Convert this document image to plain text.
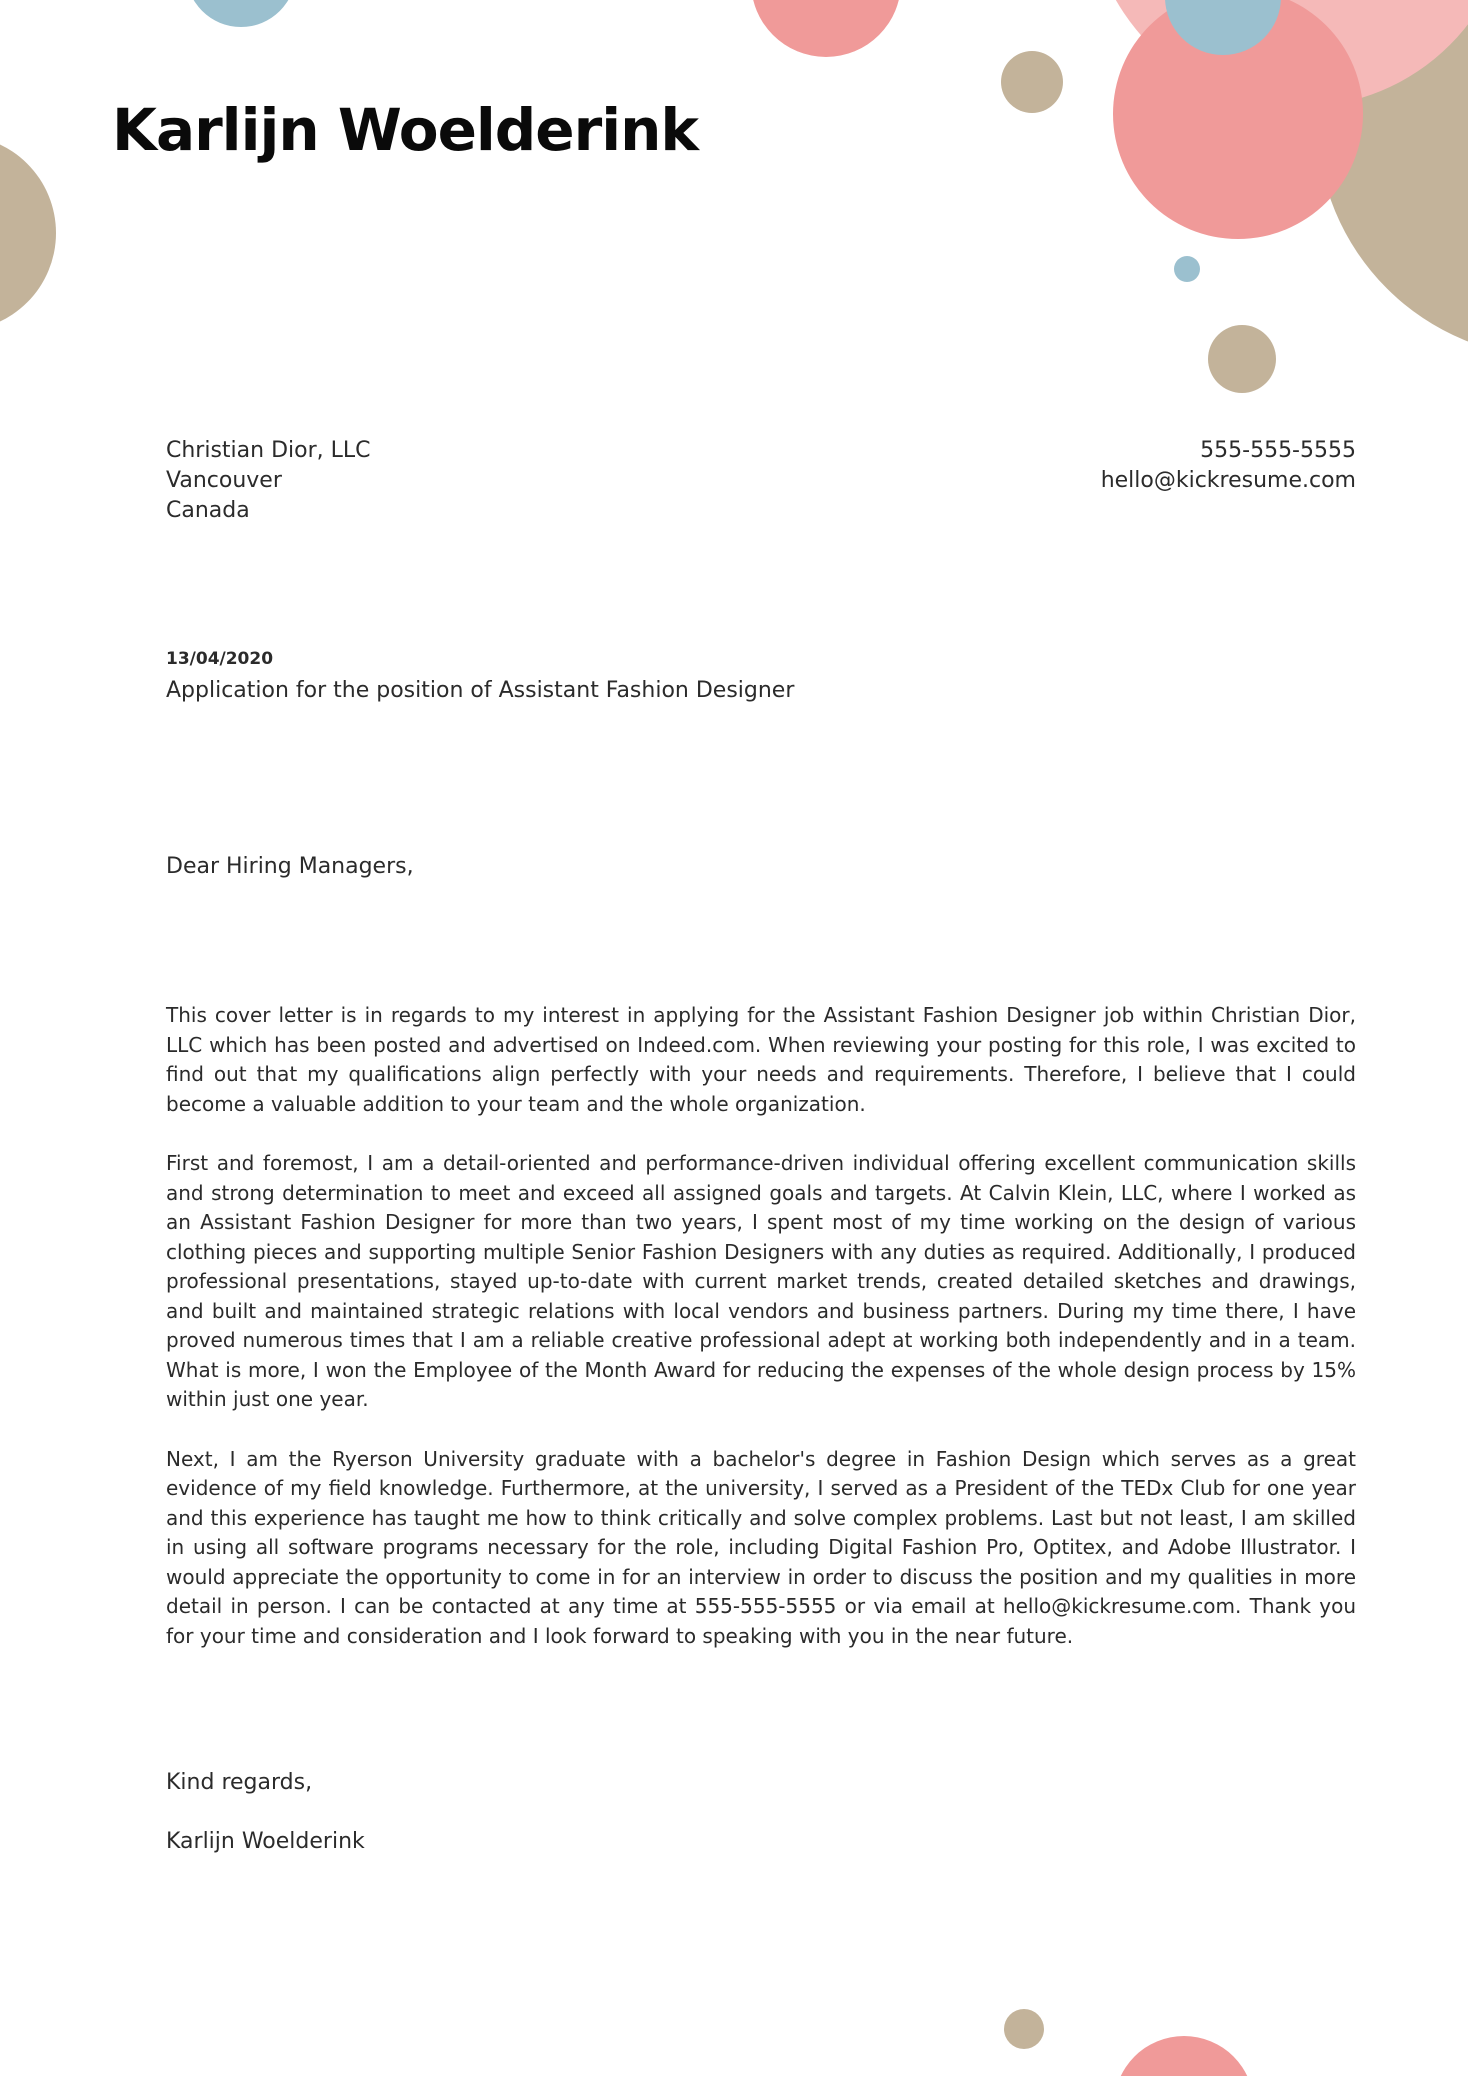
Karlijn Woelderink
Christian Dior, LLC
Vancouver
Canada
555-555-5555
hello@kickresume.com
13/04/2020
Application for the position of Assistant Fashion Designer
Dear Hiring Managers,

This cover letter is in regards to my interest in applying for the Assistant Fashion Designer job within Christian Dior, LLC which has been posted and advertised on Indeed.com. When reviewing your posting for this role, I was excited to find out that my qualifications align perfectly with your needs and requirements. Therefore, I believe that I could become a valuable addition to your team and the whole organization.

First and foremost, I am a detail-oriented and performance-driven individual offering excellent communication skills and strong determination to meet and exceed all assigned goals and targets. At Calvin Klein, LLC, where I worked as an Assistant Fashion Designer for more than two years, I spent most of my time working on the design of various clothing pieces and supporting multiple Senior Fashion Designers with any duties as required. Additionally, I produced professional presentations, stayed up-to-date with current market trends, created detailed sketches and drawings, and built and maintained strategic relations with local vendors and business partners. During my time there, I have proved numerous times that I am a reliable creative professional adept at working both independently and in a team. What is more, I won the Employee of the Month Award for reducing the expenses of the whole design process by 15% within just one year.

Next, I am the Ryerson University graduate with a bachelor's degree in Fashion Design which serves as a great evidence of my field knowledge. Furthermore, at the university, I served as a President of the TEDx Club for one year and this experience has taught me how to think critically and solve complex problems. Last but not least, I am skilled in using all software programs necessary for the role, including Digital Fashion Pro, Optitex, and Adobe Illustrator. I would appreciate the opportunity to come in for an interview in order to discuss the position and my qualities in more detail in person. I can be contacted at any time at 555-555-5555 or via email at hello@kickresume.com. Thank you for your time and consideration and I look forward to speaking with you in the near future.

Kind regards,
Karlijn Woelderink
